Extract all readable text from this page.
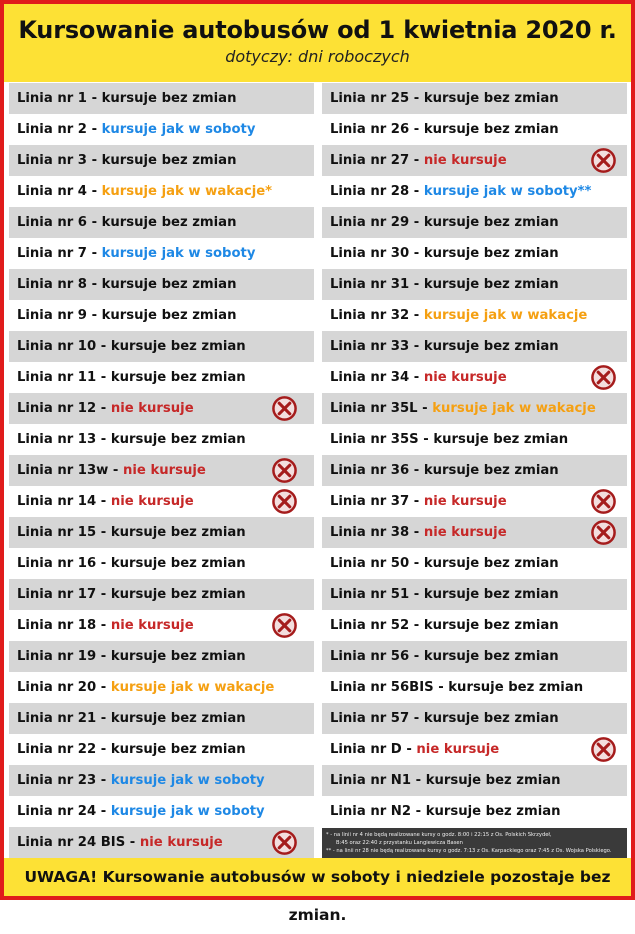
Kursowanie autobusów od 1 kwietnia 2020 r.
dotyczy: dni roboczych
Linia nr 1 - kursuje bez zmian
Linia nr 2 - kursuje jak w soboty
Linia nr 3 - kursuje bez zmian
Linia nr 4 - kursuje jak w wakacje*
Linia nr 6 - kursuje bez zmian
Linia nr 7 - kursuje jak w soboty
Linia nr 8 - kursuje bez zmian
Linia nr 9 - kursuje bez zmian
Linia nr 10 - kursuje bez zmian
Linia nr 11 - kursuje bez zmian
Linia nr 12 - nie kursuje
Linia nr 13 - kursuje bez zmian
Linia nr 13w - nie kursuje
Linia nr 14 - nie kursuje
Linia nr 15 - kursuje bez zmian
Linia nr 16 - kursuje bez zmian
Linia nr 17 - kursuje bez zmian
Linia nr 18 - nie kursuje
Linia nr 19 - kursuje bez zmian
Linia nr 20 - kursuje jak w wakacje
Linia nr 21 - kursuje bez zmian
Linia nr 22 - kursuje bez zmian
Linia nr 23 - kursuje jak w soboty
Linia nr 24 - kursuje jak w soboty
Linia nr 24 BIS - nie kursuje
Linia nr 25 - kursuje bez zmian
Linia nr 26 - kursuje bez zmian
Linia nr 27 - nie kursuje
Linia nr 28 - kursuje jak w soboty**
Linia nr 29 - kursuje bez zmian
Linia nr 30 - kursuje bez zmian
Linia nr 31 - kursuje bez zmian
Linia nr 32 - kursuje jak w wakacje
Linia nr 33 - kursuje bez zmian
Linia nr 34 - nie kursuje
Linia nr 35L - kursuje jak w wakacje
Linia nr 35S - kursuje bez zmian
Linia nr 36 - kursuje bez zmian
Linia nr 37 - nie kursuje
Linia nr 38 - nie kursuje
Linia nr 50 - kursuje bez zmian
Linia nr 51 - kursuje bez zmian
Linia nr 52 - kursuje bez zmian
Linia nr 56 - kursuje bez zmian
Linia nr 56BIS - kursuje bez zmian
Linia nr 57 - kursuje bez zmian
Linia nr D - nie kursuje
Linia nr N1 - kursuje bez zmian
Linia nr N2 - kursuje bez zmian
* - na linii nr 4 nie będą realizowane kursy o godz. 8:00 i 22:15 z Os. Polskich Skrzydeł,
B:45 oraz 22:40 z przystanku Langiewicza Basen
** - na linii nr 28 nie będą realizowane kursy o godz. 7:13 z Os. Karpackiego oraz 7:45 z Os. Wojska Polskiego.
UWAGA! Kursowanie autobusów w soboty i niedziele pozostaje bez zmian.
